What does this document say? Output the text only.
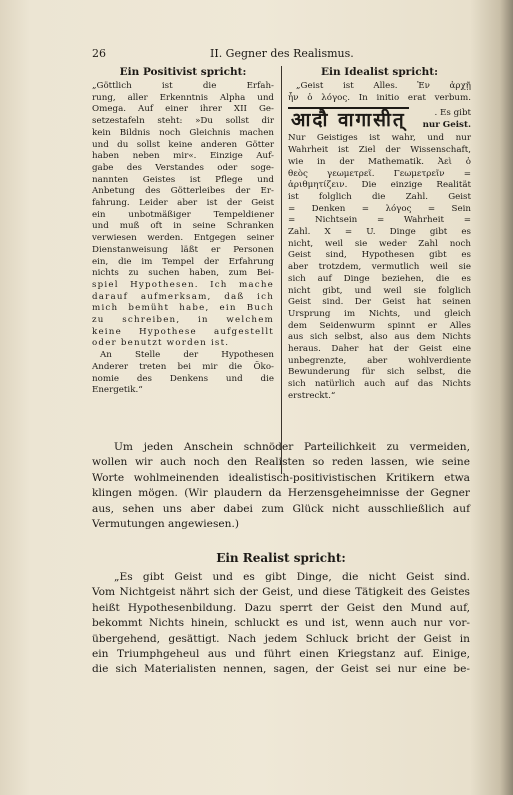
26	II. Gegner des Realismus.
Ein Positivist spricht:
„Göttlich ist die Erfah-
rung, aller Erkenntnis Alpha und
Omega. Auf einer ihrer XII Ge-
setzestafeln steht: »Du sollst dir
kein Bildnis noch Gleichnis machen
und du sollst keine anderen Götter
haben neben mir«. Einzige Auf-
gabe des Verstandes oder soge-
nannten Geistes ist Pflege und
Anbetung des Götterleibes der Er-
fahrung. Leider aber ist der Geist
ein unbotmäßiger Tempeldiener
und muß oft in seine Schranken
verwiesen werden. Entgegen seiner
Dienstanweisung läßt er Personen
ein, die im Tempel der Erfahrung
nichts zu suchen haben, zum Bei-
spiel Hypothesen. Ich mache
darauf aufmerksam, daß ich
mich bemüht habe, ein Buch
zu schreiben, in welchem
keine Hypothese aufgestellt
oder benutzt worden ist.
An Stelle der Hypothesen
Anderer treten bei mir die Öko-
nomie des Denkens und die
Energetik.“
Ein Idealist spricht:
„Geist ist Alles. Ἐν ἀρχῇ
ἦν ὁ λόγος. In initio erat verbum.
आदौ वागासीत्	. Es gibt
nur Geist.
Nur Geistiges ist wahr, und nur
Wahrheit ist Ziel der Wissenschaft,
wie in der Mathematik. Ἀεὶ ὁ
θεὸς γεωμετρεῖ. Γεωμετρεῖν =
ἀριθμητίζειν. Die einzige Realität
ist folglich die Zahl. Geist
= Denken = λόγος = Sein
= Nichtsein = Wahrheit =
Zahl. X = U. Dinge gibt es
nicht, weil sie weder Zahl noch
Geist sind, Hypothesen gibt es
aber trotzdem, vermutlich weil sie
sich auf Dinge beziehen, die es
nicht gibt, und weil sie folglich
Geist sind. Der Geist hat seinen
Ursprung im Nichts, und gleich
dem Seidenwurm spinnt er Alles
aus sich selbst, also aus dem Nichts
heraus. Daher hat der Geist eine
unbegrenzte, aber wohlverdiente
Bewunderung für sich selbst, die
sich natürlich auch auf das Nichts
erstreckt.“
Um jeden Anschein schnöder Parteilichkeit zu vermeiden,
wollen wir auch noch den Realisten so reden lassen, wie seine
Worte wohlmeinenden idealistisch-positivistischen Kritikern etwa
klingen mögen. (Wir plaudern da Herzensgeheimnisse der Gegner
aus, sehen uns aber dabei zum Glück nicht ausschließlich auf
Vermutungen angewiesen.)
Ein Realist spricht:
„Es gibt Geist und es gibt Dinge, die nicht Geist sind.
Vom Nichtgeist nährt sich der Geist, und diese Tätigkeit des Geistes
heißt Hypothesenbildung. Dazu sperrt der Geist den Mund auf,
bekommt Nichts hinein, schluckt es und ist, wenn auch nur vor-
übergehend, gesättigt. Nach jedem Schluck bricht der Geist in
ein Triumphgeheul aus und führt einen Kriegstanz auf. Einige,
die sich Materialisten nennen, sagen, der Geist sei nur eine be-
